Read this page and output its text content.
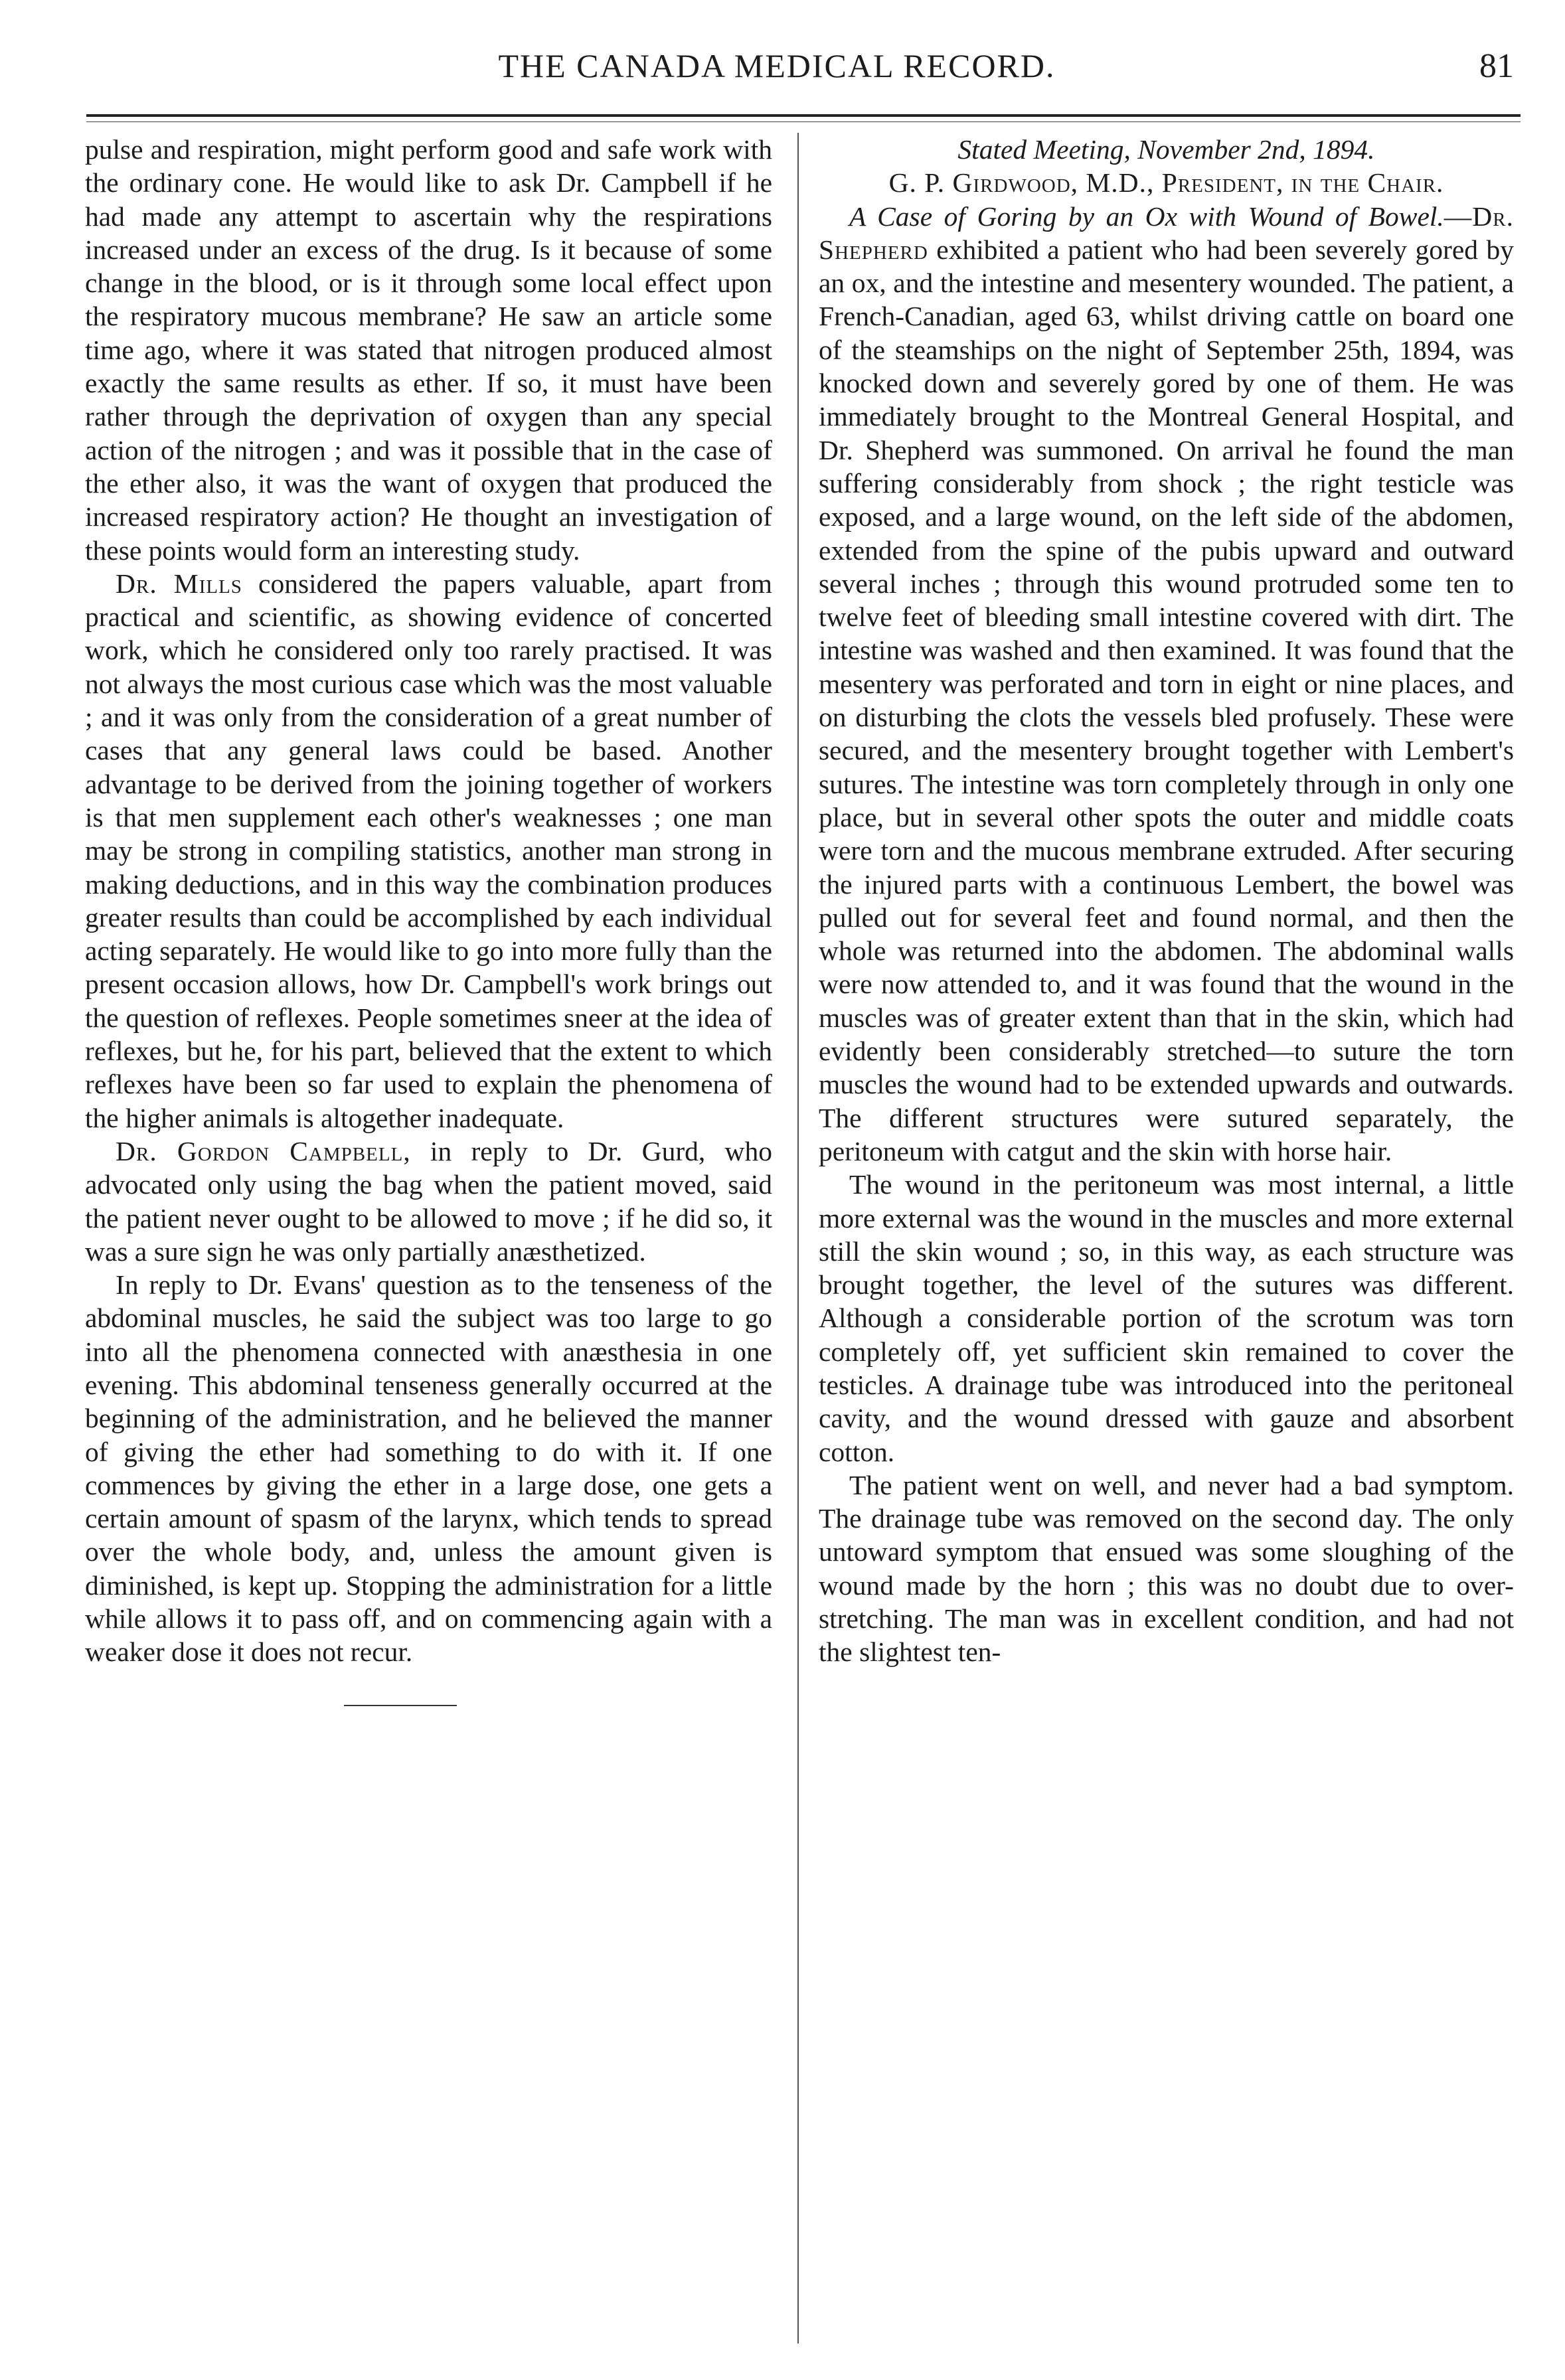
THE CANADA MEDICAL RECORD.	81

pulse and respiration, might perform good and safe work with the ordinary cone. He would like to ask Dr. Campbell if he had made any attempt to ascertain why the respirations increased under an excess of the drug. Is it because of some change in the blood, or is it through some local effect upon the respiratory mucous membrane? He saw an article some time ago, where it was stated that nitrogen produced almost exactly the same results as ether. If so, it must have been rather through the deprivation of oxygen than any special action of the nitrogen ; and was it possible that in the case of the ether also, it was the want of oxygen that produced the increased respiratory action? He thought an investigation of these points would form an interesting study.

Dr. Mills considered the papers valuable, apart from practical and scientific, as showing evidence of concerted work, which he considered only too rarely practised. It was not always the most curious case which was the most valuable ; and it was only from the consideration of a great number of cases that any general laws could be based. Another advantage to be derived from the joining together of workers is that men supplement each other's weaknesses ; one man may be strong in compiling statistics, another man strong in making deductions, and in this way the combination produces greater results than could be accomplished by each individual acting separately. He would like to go into more fully than the present occasion allows, how Dr. Campbell's work brings out the question of reflexes. People sometimes sneer at the idea of reflexes, but he, for his part, believed that the extent to which reflexes have been so far used to explain the phenomena of the higher animals is altogether inadequate.

Dr. Gordon Campbell, in reply to Dr. Gurd, who advocated only using the bag when the patient moved, said the patient never ought to be allowed to move ; if he did so, it was a sure sign he was only partially anæsthetized.

In reply to Dr. Evans' question as to the tenseness of the abdominal muscles, he said the subject was too large to go into all the phenomena connected with anæsthesia in one evening. This abdominal tenseness generally occurred at the beginning of the administration, and he believed the manner of giving the ether had something to do with it. If one commences by giving the ether in a large dose, one gets a certain amount of spasm of the larynx, which tends to spread over the whole body, and, unless the amount given is diminished, is kept up. Stopping the administration for a little while allows it to pass off, and on commencing again with a weaker dose it does not recur.

Stated Meeting, November 2nd, 1894.

G. P. Girdwood, M.D., President, in the Chair.

A Case of Goring by an Ox with Wound of Bowel.—Dr. Shepherd exhibited a patient who had been severely gored by an ox, and the intestine and mesentery wounded. The patient, a French-Canadian, aged 63, whilst driving cattle on board one of the steamships on the night of September 25th, 1894, was knocked down and severely gored by one of them. He was immediately brought to the Montreal General Hospital, and Dr. Shepherd was summoned. On arrival he found the man suffering considerably from shock ; the right testicle was exposed, and a large wound, on the left side of the abdomen, extended from the spine of the pubis upward and outward several inches ; through this wound protruded some ten to twelve feet of bleeding small intestine covered with dirt. The intestine was washed and then examined. It was found that the mesentery was perforated and torn in eight or nine places, and on disturbing the clots the vessels bled profusely. These were secured, and the mesentery brought together with Lembert's sutures. The intestine was torn completely through in only one place, but in several other spots the outer and middle coats were torn and the mucous membrane extruded. After securing the injured parts with a continuous Lembert, the bowel was pulled out for several feet and found normal, and then the whole was returned into the abdomen. The abdominal walls were now attended to, and it was found that the wound in the muscles was of greater extent than that in the skin, which had evidently been considerably stretched—to suture the torn muscles the wound had to be extended upwards and outwards. The different structures were sutured separately, the peritoneum with catgut and the skin with horse hair.

The wound in the peritoneum was most internal, a little more external was the wound in the muscles and more external still the skin wound ; so, in this way, as each structure was brought together, the level of the sutures was different. Although a considerable portion of the scrotum was torn completely off, yet sufficient skin remained to cover the testicles. A drainage tube was introduced into the peritoneal cavity, and the wound dressed with gauze and absorbent cotton.

The patient went on well, and never had a bad symptom. The drainage tube was removed on the second day. The only untoward symptom that ensued was some sloughing of the wound made by the horn ; this was no doubt due to over-stretching. The man was in excellent condition, and had not the slightest ten-
